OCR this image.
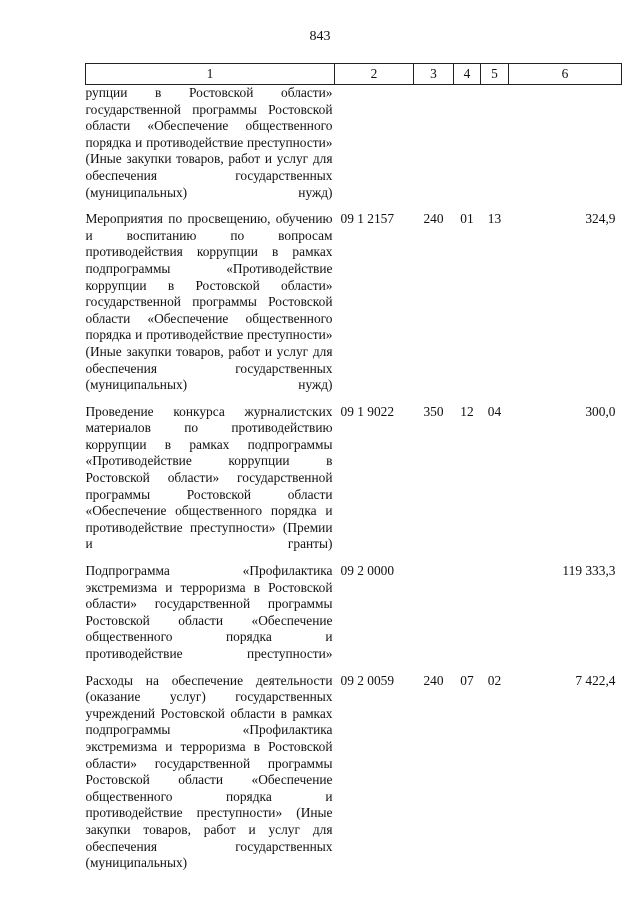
843
1	2	3	4	5	6
рупции в Ростовской области» государственной программы Ростовской области «Обеспечение общественного порядка и противодействие преступности» (Иные закупки товаров, работ и услуг для обеспечения государственных (муниципальных) нужд)					
Мероприятия по просвещению, обучению и воспитанию по вопросам противодействия коррупции в рамках подпрограммы «Противодействие коррупции в Ростовской области» государственной программы Ростовской области «Обеспечение общественного порядка и противодействие преступности» (Иные закупки товаров, работ и услуг для обеспечения государственных (муниципальных) нужд)	09 1 2157	240	01	13	324,9
Проведение конкурса журналистских материалов по противодействию коррупции в рамках подпрограммы «Противодействие коррупции в Ростовской области» государственной программы Ростовской области «Обеспечение общественного порядка и противодействие преступности» (Премии и гранты)	09 1 9022	350	12	04	300,0
Подпрограмма «Профилактика экстремизма и терроризма в Ростовской области» государственной программы Ростовской области «Обеспечение общественного порядка и противодействие преступности»	09 2 0000				119 333,3
Расходы на обеспечение деятельности (оказание услуг) государственных учреждений Ростовской области в рамках подпрограммы «Профилактика экстремизма и терроризма в Ростовской области» государственной программы Ростовской области «Обеспечение общественного порядка и противодействие преступности» (Иные закупки товаров, работ и услуг для обеспечения государственных (муниципальных)	09 2 0059	240	07	02	7 422,4
